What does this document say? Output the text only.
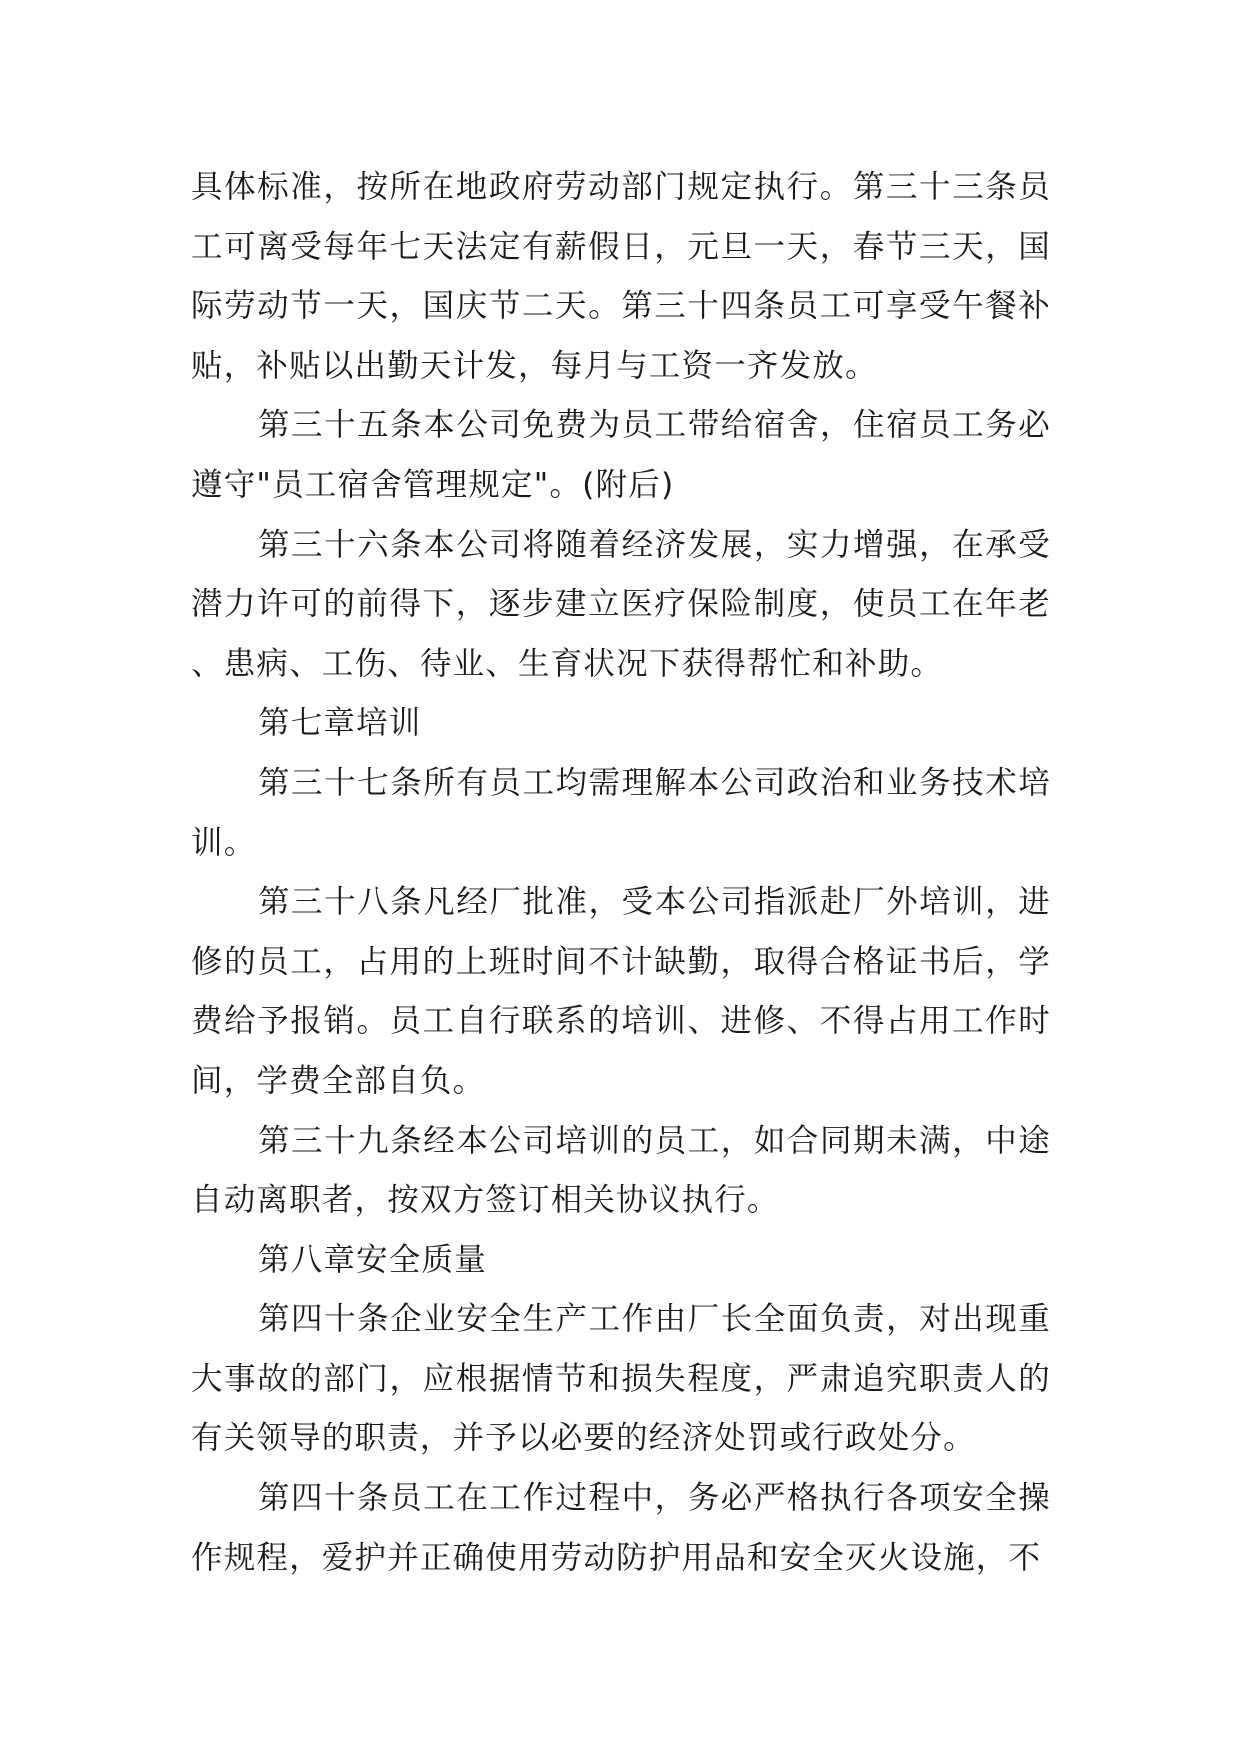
具体标准，按所在地政府劳动部门规定执行。第三十三条员工可离受每年七天法定有薪假日，元旦一天，春节三天，国际劳动节一天，国庆节二天。第三十四条员工可享受午餐补贴，补贴以出勤天计发，每月与工资一齐发放。

第三十五条本公司免费为员工带给宿舍，住宿员工务必遵守"员工宿舍管理规定"。(附后)

第三十六条本公司将随着经济发展，实力增强，在承受潜力许可的前得下，逐步建立医疗保险制度，使员工在年老、患病、工伤、待业、生育状况下获得帮忙和补助。

第七章培训

第三十七条所有员工均需理解本公司政治和业务技术培训。

第三十八条凡经厂批准，受本公司指派赴厂外培训，进修的员工，占用的上班时间不计缺勤，取得合格证书后，学费给予报销。员工自行联系的培训、进修、不得占用工作时间，学费全部自负。

第三十九条经本公司培训的员工，如合同期未满，中途自动离职者，按双方签订相关协议执行。

第八章安全质量

第四十条企业安全生产工作由厂长全面负责，对出现重大事故的部门，应根据情节和损失程度，严肃追究职责人的有关领导的职责，并予以必要的经济处罚或行政处分。

第四十条员工在工作过程中，务必严格执行各项安全操作规程，爱护并正确使用劳动防护用品和安全灭火设施，不
